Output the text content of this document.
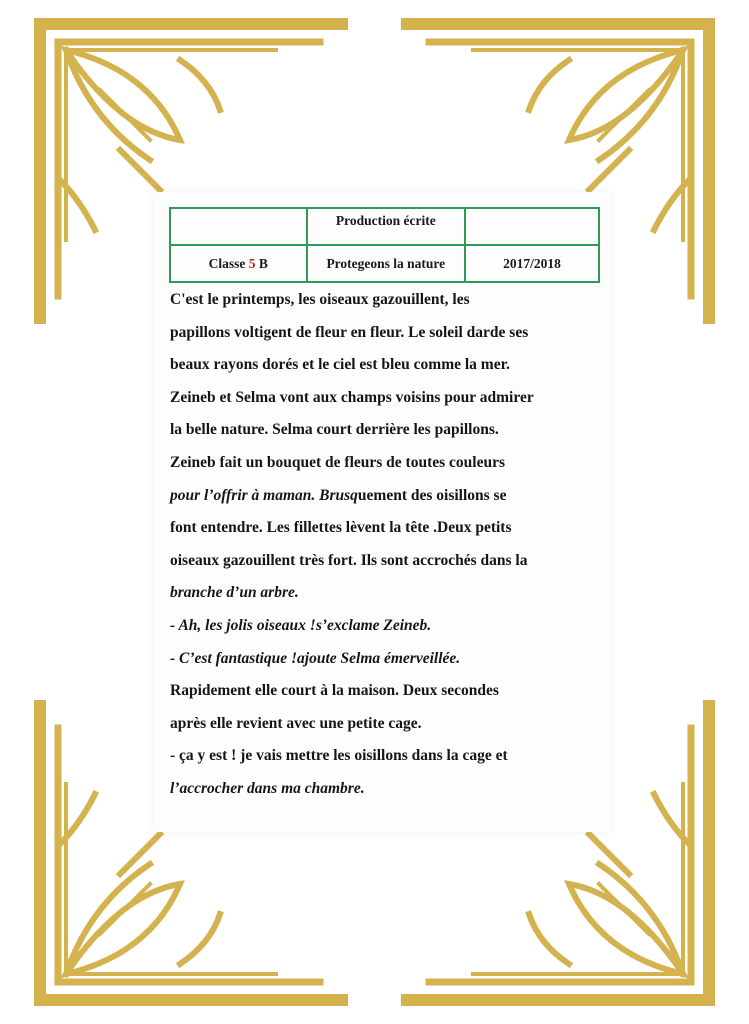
	Production écrite	
Classe 5 B	Protegeons la nature	2017/2018
C'est le printemps, les oiseaux gazouillent, les
papillons voltigent de fleur en fleur. Le soleil darde ses
beaux rayons dorés et le ciel est bleu comme la mer.
Zeineb et Selma vont aux champs voisins pour admirer
la belle nature. Selma court derrière les papillons.
Zeineb fait un bouquet de fleurs de toutes couleurs
pour l’offrir à maman. Brusquement des oisillons se
font entendre. Les fillettes lèvent la tête .Deux petits
oiseaux gazouillent très fort. Ils sont accrochés dans la
branche d’un arbre.
- Ah, les jolis oiseaux !s’exclame Zeineb.
- C’est fantastique !ajoute Selma émerveillée.
Rapidement elle court à la maison. Deux secondes
après elle revient avec une petite cage.
- ça y est ! je vais mettre les oisillons dans la cage et
l’accrocher dans ma chambre.
